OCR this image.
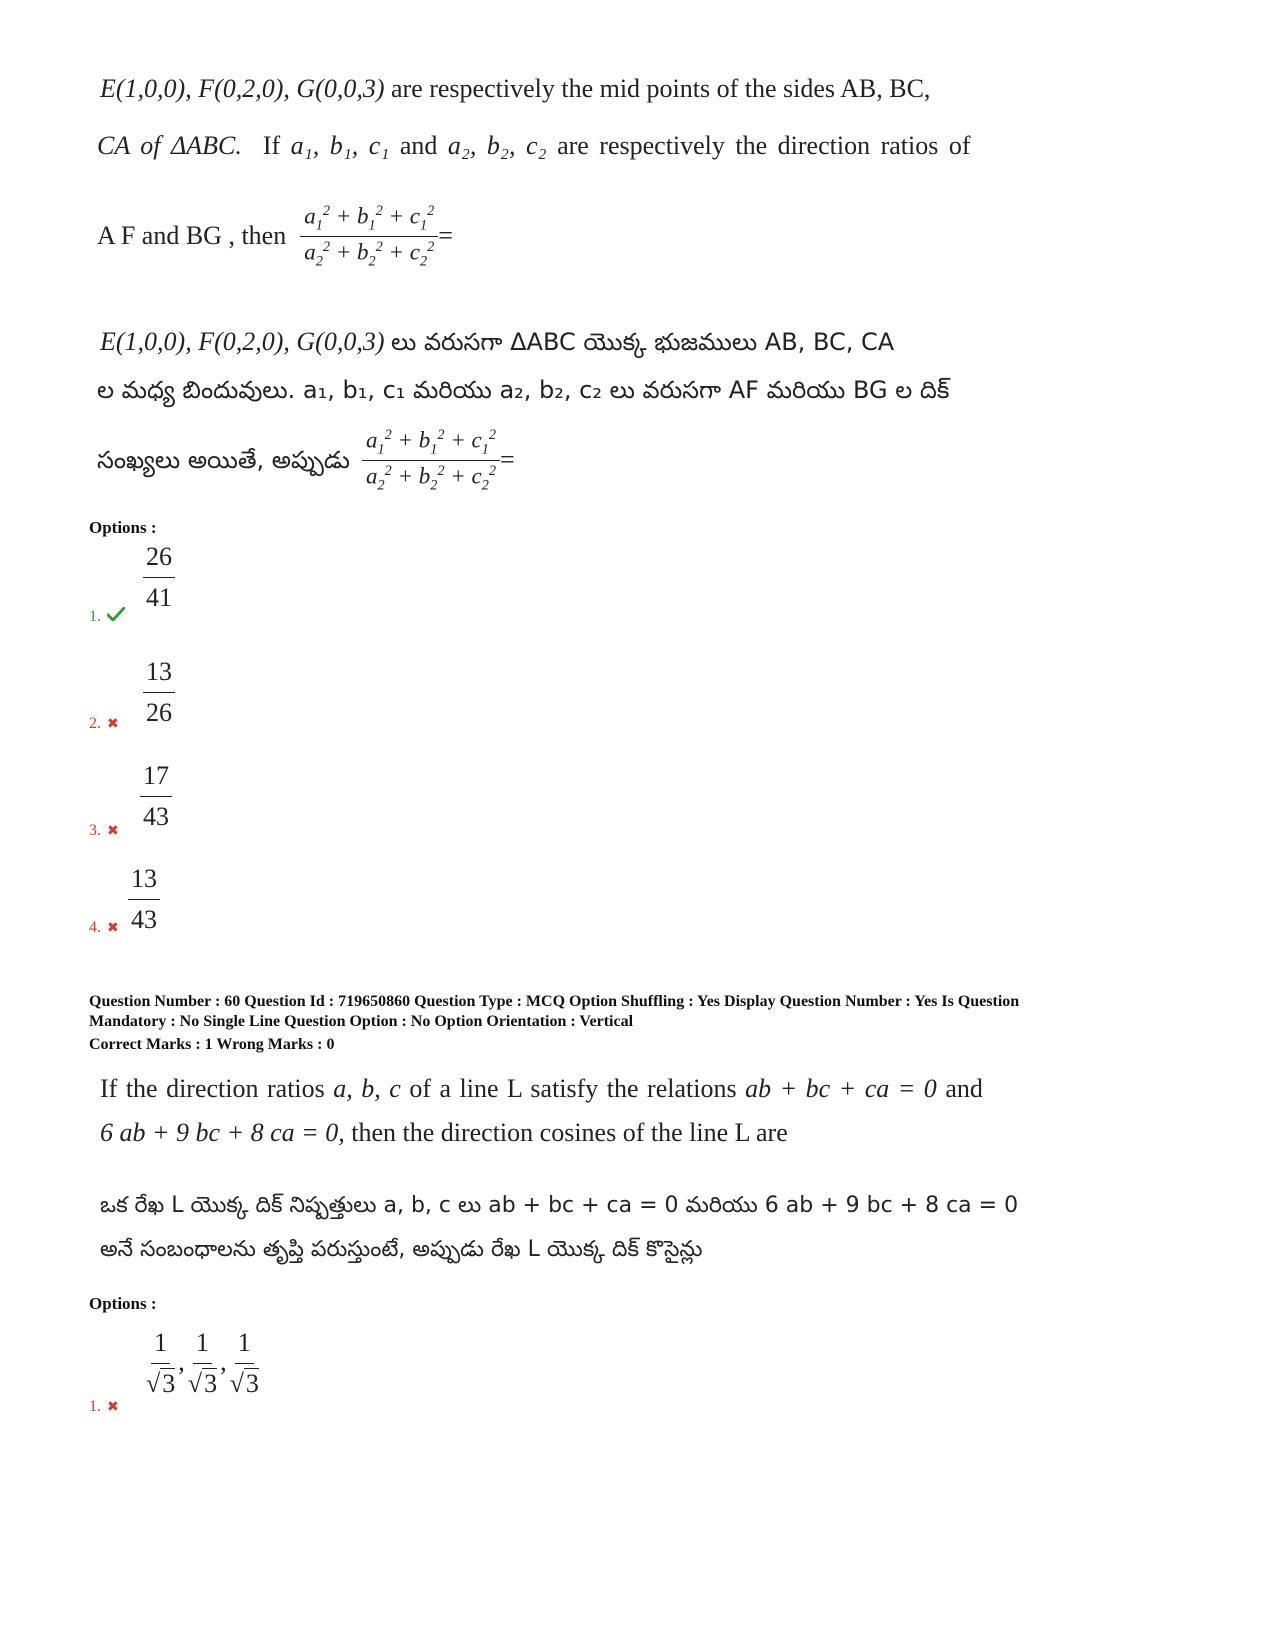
E(1,0,0), F(0,2,0), G(0,0,3) are respectively the mid points of the sides AB, BC,
CA of ΔABC. If a₁, b₁, c₁ and a₂, b₂, c₂ are respectively the direction ratios of
A F and BG , then $\frac{a_1^2 + b_1^2 + c_1^2}{a_2^2 + b_2^2 + c_2^2}$ =
E(1,0,0), F(0,2,0), G(0,0,3) లు వరుసగా ΔABC యొక్క భుజములు AB, BC, CA
ల మధ్య బిందువులు. a₁, b₁, c₁ మరియు a₂, b₂, c₂ లు వరుసగా AF మరియు BG ల దిక్
సంఖ్యలు అయితే, అప్పుడు $\frac{a_1^2 + b_1^2 + c_1^2}{a_2^2 + b_2^2 + c_2^2}$ =
Options :
$\frac{26}{41}$
1.
$\frac{13}{26}$
2. ✖
$\frac{17}{43}$
3. ✖
$\frac{13}{43}$
4. ✖
Question Number : 60 Question Id : 719650860 Question Type : MCQ Option Shuffling : Yes Display Question Number : Yes Is Question
Mandatory : No Single Line Question Option : No Option Orientation : Vertical
Correct Marks : 1 Wrong Marks : 0
If the direction ratios a, b, c of a line L satisfy the relations ab + bc + ca = 0 and
6 ab + 9 bc + 8 ca = 0, then the direction cosines of the line L are
ఒక రేఖ L యొక్క దిక్ నిష్పత్తులు a, b, c లు ab + bc + ca = 0 మరియు 6 ab + 9 bc + 8 ca = 0
అనే సంబంధాలను తృప్తి పరుస్తుంటే, అప్పుడు రేఖ L యొక్క దిక్ కొసైన్లు
Options :
$\frac{1}{√3}$ , $\frac{1}{√3}$ , $\frac{1}{√3}$
1. ✖
